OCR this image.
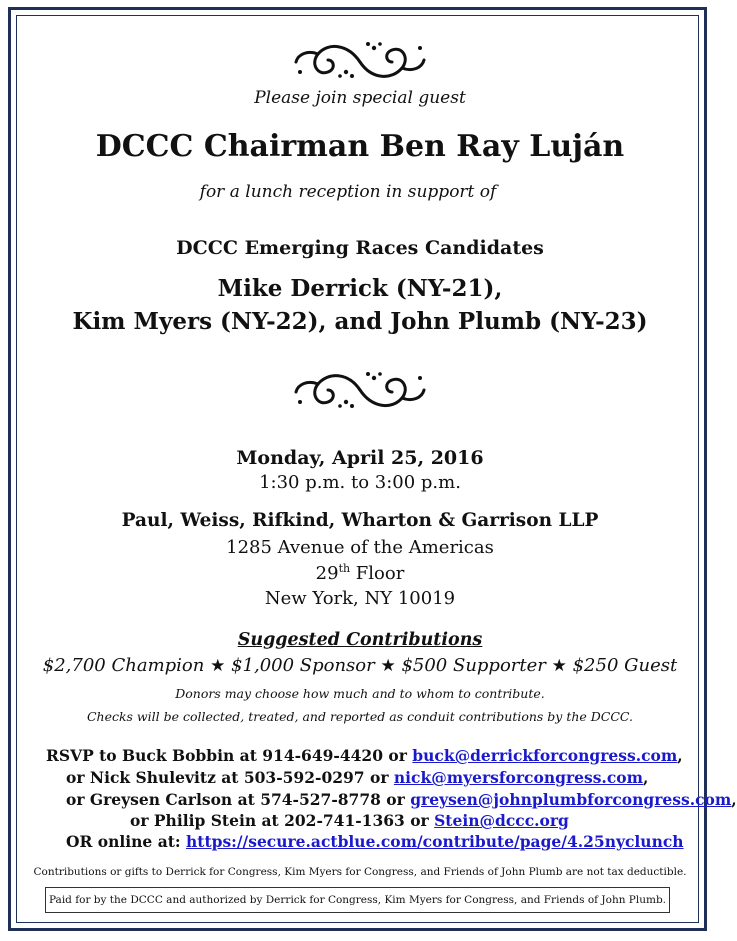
Please join special guest
DCCC Chairman Ben Ray Luján
for a lunch reception in support of
DCCC Emerging Races Candidates
Mike Derrick (NY-21),
Kim Myers (NY-22), and John Plumb (NY-23)
Monday, April 25, 2016
1:30 p.m. to 3:00 p.m.
Paul, Weiss, Rifkind, Wharton & Garrison LLP
1285 Avenue of the Americas
29th Floor
New York, NY 10019
Suggested Contributions
$2,700 Champion ★ $1,000 Sponsor ★ $500 Supporter ★ $250 Guest
Donors may choose how much and to whom to contribute.
Checks will be collected, treated, and reported as conduit contributions by the DCCC.
RSVP to Buck Bobbin at 914-649-4420 or buck@derrickforcongress.com,
or Nick Shulevitz at 503-592-0297 or nick@myersforcongress.com,
or Greysen Carlson at 574-527-8778 or greysen@johnplumbforcongress.com,
or Philip Stein at 202-741-1363 or Stein@dccc.org
OR online at: https://secure.actblue.com/contribute/page/4.25nyclunch
Contributions or gifts to Derrick for Congress, Kim Myers for Congress, and Friends of John Plumb are not tax deductible.
Paid for by the DCCC and authorized by Derrick for Congress, Kim Myers for Congress, and Friends of John Plumb.
